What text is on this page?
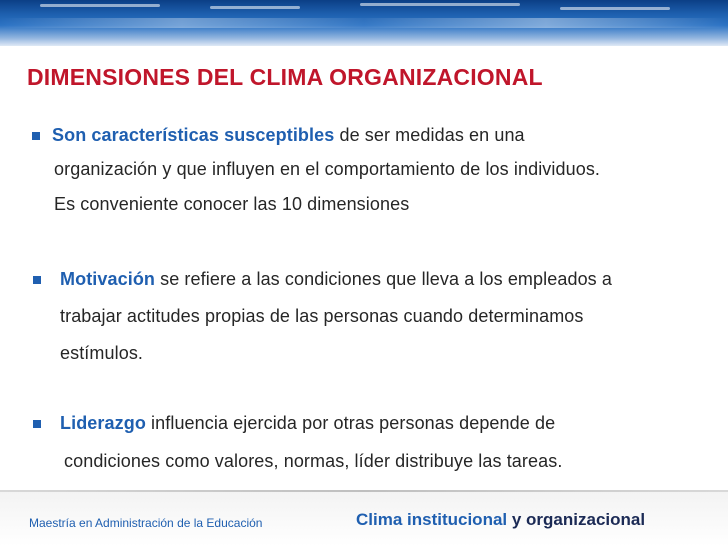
DIMENSIONES DEL CLIMA ORGANIZACIONAL
Son características susceptibles de ser medidas en una
organización y que influyen en el comportamiento de los individuos.
Es conveniente conocer las 10 dimensiones
Motivación se refiere a las condiciones que lleva a los empleados a
trabajar actitudes propias de las personas cuando determinamos
estímulos.
Liderazgo influencia ejercida por otras personas depende de
condiciones como valores, normas, líder distribuye las tareas.
Maestría en Administración de la Educación	Clima institucional y organizacional
